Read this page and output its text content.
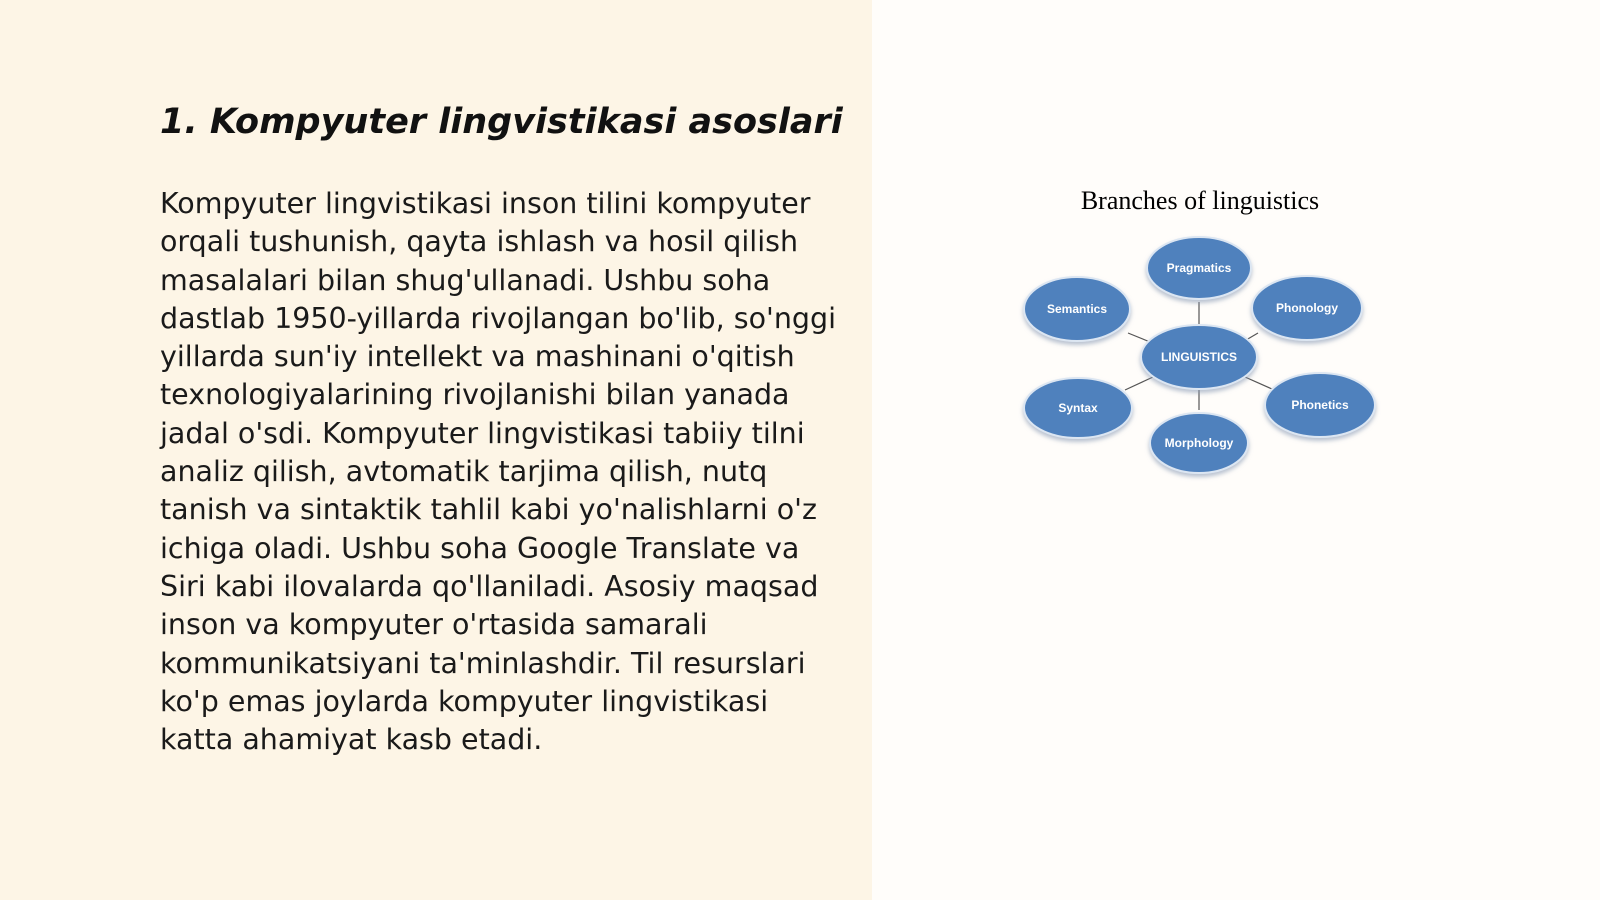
1. Kompyuter lingvistikasi asoslari

Kompyuter lingvistikasi inson tilini kompyuter orqali tushunish, qayta ishlash va hosil qilish masalalari bilan shug'ullanadi. Ushbu soha dastlab 1950-yillarda rivojlangan bo'lib, so'nggi yillarda sun'iy intellekt va mashinani o'qitish texnologiyalarining rivojlanishi bilan yanada jadal o'sdi. Kompyuter lingvistikasi tabiiy tilni analiz qilish, avtomatik tarjima qilish, nutq tanish va sintaktik tahlil kabi yo'nalishlarni o'z ichiga oladi. Ushbu soha Google Translate va Siri kabi ilovalarda qo'llaniladi. Asosiy maqsad inson va kompyuter o'rtasida samarali kommunikatsiyani ta'minlashdir. Til resurslari ko'p emas joylarda kompyuter lingvistikasi katta ahamiyat kasb etadi.

Branches of linguistics
Pragmatics
Phonology
Phonetics
Morphology
Syntax
Semantics
LINGUISTICS
